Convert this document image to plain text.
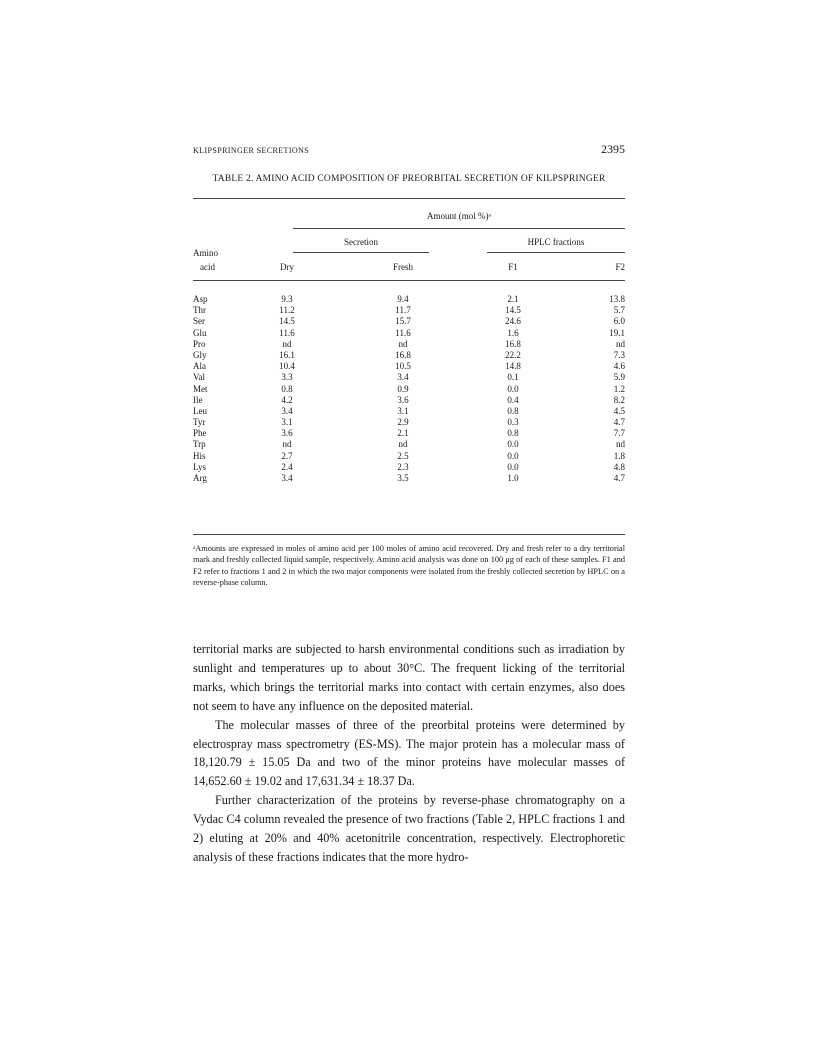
KLIPSPRINGER SECRETIONS	2395
TABLE 2. AMINO ACID COMPOSITION OF PREORBITAL SECRETION OF KILPSPRINGER
Amount (mol %)ᵃ
Secretion	HPLC fractions
Amino
acid	Dry	Fresh	F1	F2
Asp	9.3	9.4	2.1	13.8
Thr	11.2	11.7	14.5	5.7
Ser	14.5	15.7	24.6	6.0
Glu	11.6	11.6	1.6	19.1
Pro	nd	nd	16.8	nd
Gly	16.1	16.8	22.2	7.3
Ala	10.4	10.5	14.8	4.6
Val	3.3	3.4	0.1	5.9
Met	0.8	0.9	0.0	1.2
Ile	4.2	3.6	0.4	8.2
Leu	3.4	3.1	0.8	4.5
Tyr	3.1	2.9	0.3	4.7
Phe	3.6	2.1	0.8	7.7
Trp	nd	nd	0.0	nd
His	2.7	2.5	0.0	1.8
Lys	2.4	2.3	0.0	4.8
Arg	3.4	3.5	1.0	4.7
ᵃAmounts are expressed in moles of amino acid per 100 moles of amino acid recovered. Dry and fresh refer to a dry territorial mark and freshly collected liquid sample, respectively. Amino acid analysis was done on 100 μg of each of these samples. F1 and F2 refer to fractions 1 and 2 in which the two major components were isolated from the freshly collected secretion by HPLC on a reverse-phase column.

territorial marks are subjected to harsh environmental conditions such as irradiation by sunlight and temperatures up to about 30°C. The frequent licking of the territorial marks, which brings the territorial marks into contact with certain enzymes, also does not seem to have any influence on the deposited material.

The molecular masses of three of the preorbital proteins were determined by electrospray mass spectrometry (ES-MS). The major protein has a molecular mass of 18,120.79 ± 15.05 Da and two of the minor proteins have molecular masses of 14,652.60 ± 19.02 and 17,631.34 ± 18.37 Da.

Further characterization of the proteins by reverse-phase chromatography on a Vydac C4 column revealed the presence of two fractions (Table 2, HPLC fractions 1 and 2) eluting at 20% and 40% acetonitrile concentration, respectively. Electrophoretic analysis of these fractions indicates that the more hydro-
